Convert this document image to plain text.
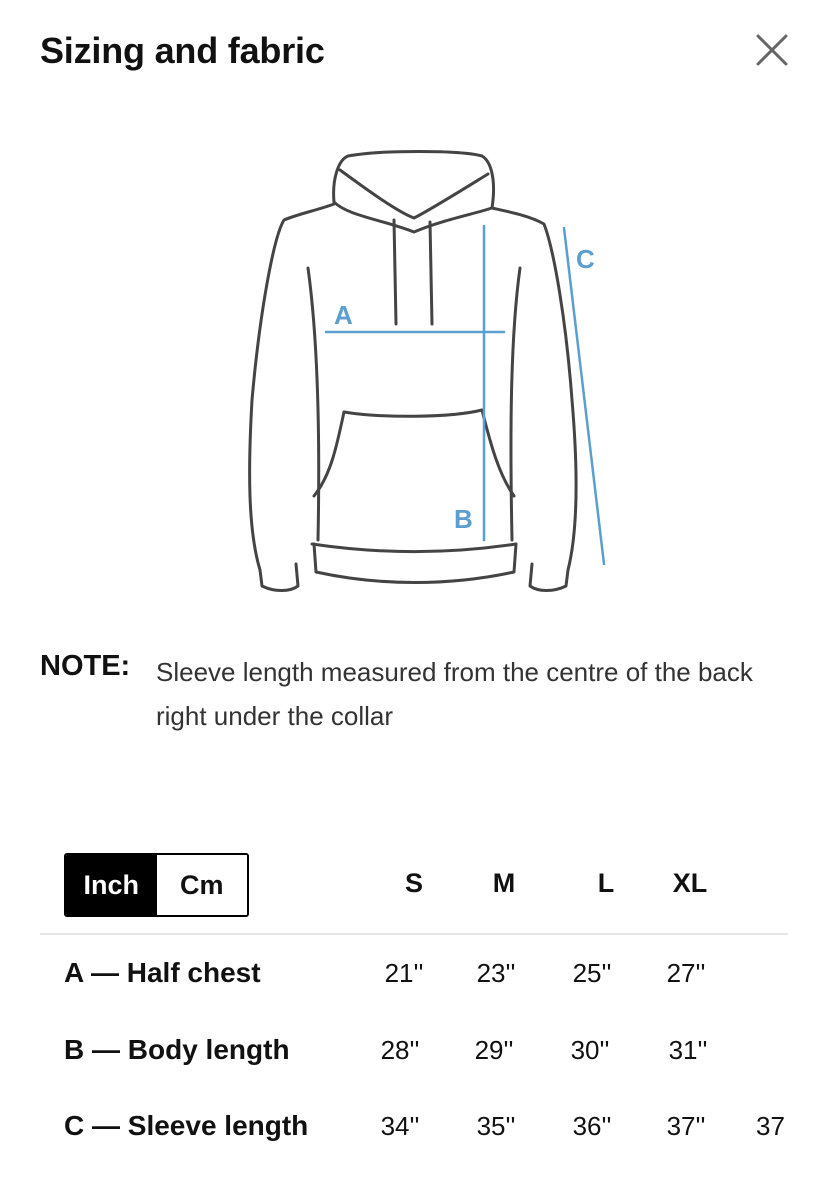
Sizing and fabric
A
B
C
NOTE: Sleeve length measured from the centre of the back right under the collar
Inch	Cm	S	M	L	XL
A — Half chest	21''	23''	25''	27''
B — Body length	28''	29''	30''	31''
C — Sleeve length	34''	35''	36''	37''	37
